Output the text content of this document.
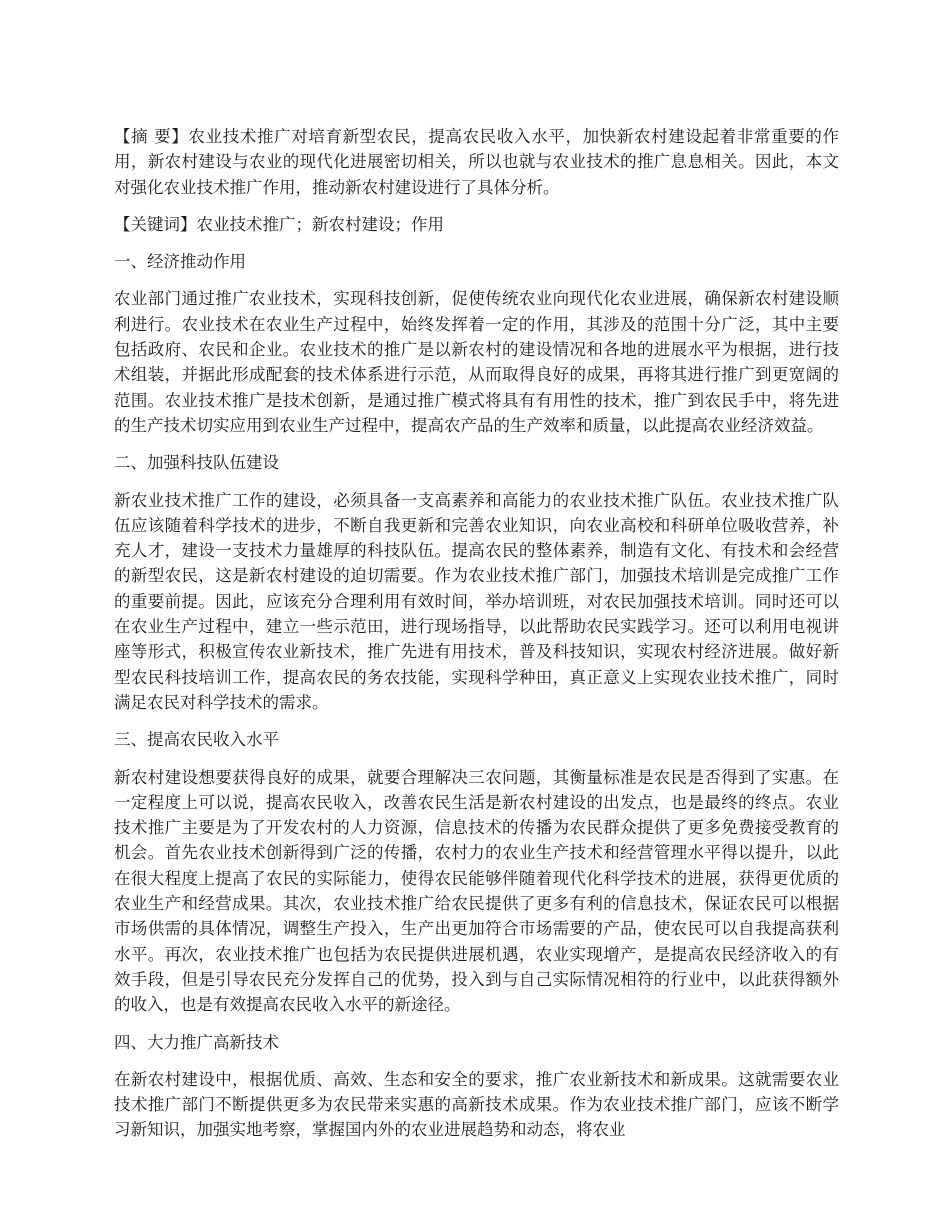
【摘 要】农业技术推广对培育新型农民，提高农民收入水平，加快新农村建设起着非常重要的作用，新农村建设与农业的现代化进展密切相关，所以也就与农业技术的推广息息相关。因此，本文对强化农业技术推广作用，推动新农村建设进行了具体分析。

【关键词】农业技术推广；新农村建设；作用

一、经济推动作用

农业部门通过推广农业技术，实现科技创新，促使传统农业向现代化农业进展，确保新农村建设顺利进行。农业技术在农业生产过程中，始终发挥着一定的作用，其涉及的范围十分广泛，其中主要包括政府、农民和企业。农业技术的推广是以新农村的建设情况和各地的进展水平为根据，进行技术组装，并据此形成配套的技术体系进行示范，从而取得良好的成果，再将其进行推广到更宽阔的范围。农业技术推广是技术创新，是通过推广模式将具有有用性的技术，推广到农民手中，将先进的生产技术切实应用到农业生产过程中，提高农产品的生产效率和质量，以此提高农业经济效益。

二、加强科技队伍建设

新农业技术推广工作的建设，必须具备一支高素养和高能力的农业技术推广队伍。农业技术推广队伍应该随着科学技术的进步，不断自我更新和完善农业知识，向农业高校和科研单位吸收营养，补充人才，建设一支技术力量雄厚的科技队伍。提高农民的整体素养，制造有文化、有技术和会经营的新型农民，这是新农村建设的迫切需要。作为农业技术推广部门，加强技术培训是完成推广工作的重要前提。因此，应该充分合理利用有效时间，举办培训班，对农民加强技术培训。同时还可以在农业生产过程中，建立一些示范田，进行现场指导，以此帮助农民实践学习。还可以利用电视讲座等形式，积极宣传农业新技术，推广先进有用技术，普及科技知识，实现农村经济进展。做好新型农民科技培训工作，提高农民的务农技能，实现科学种田，真正意义上实现农业技术推广，同时满足农民对科学技术的需求。

三、提高农民收入水平

新农村建设想要获得良好的成果，就要合理解决三农问题，其衡量标准是农民是否得到了实惠。在一定程度上可以说，提高农民收入，改善农民生活是新农村建设的出发点，也是最终的终点。农业技术推广主要是为了开发农村的人力资源，信息技术的传播为农民群众提供了更多免费接受教育的机会。首先农业技术创新得到广泛的传播，农村力的农业生产技术和经营管理水平得以提升，以此在很大程度上提高了农民的实际能力，使得农民能够伴随着现代化科学技术的进展，获得更优质的农业生产和经营成果。其次，农业技术推广给农民提供了更多有利的信息技术，保证农民可以根据市场供需的具体情况，调整生产投入，生产出更加符合市场需要的产品，使农民可以自我提高获利水平。再次，农业技术推广也包括为农民提供进展机遇，农业实现增产，是提高农民经济收入的有效手段，但是引导农民充分发挥自己的优势，投入到与自己实际情况相符的行业中，以此获得额外的收入，也是有效提高农民收入水平的新途径。

四、大力推广高新技术

在新农村建设中，根据优质、高效、生态和安全的要求，推广农业新技术和新成果。这就需要农业技术推广部门不断提供更多为农民带来实惠的高新技术成果。作为农业技术推广部门，应该不断学习新知识，加强实地考察，掌握国内外的农业进展趋势和动态，将农业
